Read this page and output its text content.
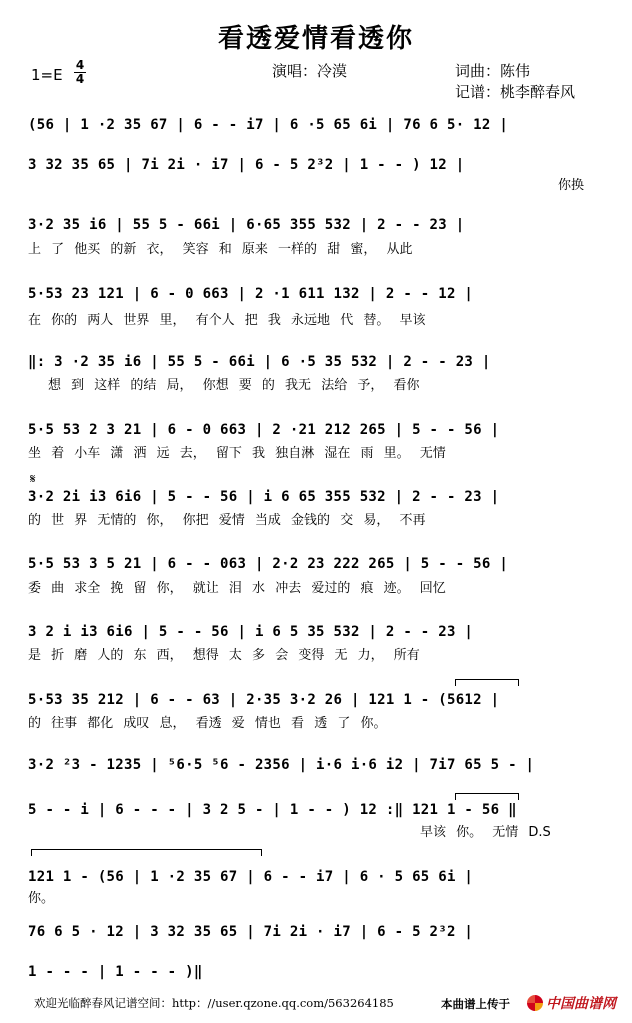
看透爱情看透你
演唱：冷漠	词曲：陈伟
记谱：桃李醉春风
1=E
4
4
(56 | 1 ·2 35 67 | 6 - - i7 | 6 ·5 65 6i | 76 6 5· 12 |
3 32 35 65 | 7i 2i · i7 | 6 - 5 2³2 | 1 - - ) 12 |
你换
3·2 35 i6 | 55 5 - 66i | 6·65 355 532 | 2 - - 23 |
上 了 他买 的新 衣， 笑容 和 原来 一样的 甜 蜜， 从此
5·53 23 121 | 6 - 0 663 | 2 ·1 611 132 | 2 - - 12 |
在 你的 两人 世界 里， 有个人 把 我 永远地 代 替。 早该
‖: 3 ·2 35 i6 | 55 5 - 66i | 6 ·5 35 532 | 2 - - 23 |
想 到 这样 的结 局， 你想 要 的 我无 法给 予， 看你
5·5 53 2 3 21 | 6 - 0 663 | 2 ·21 212 265 | 5 - - 56 |
坐 着 小车 潇 洒 远 去， 留下 我 独自淋 湿在 雨 里。 无情
𝄋
3·2 2i i3 6i6 | 5 - - 56 | i 6 65 355 532 | 2 - - 23 |
的 世 界 无情的 你， 你把 爱情 当成 金钱的 交 易， 不再
5·5 53 3 5 21 | 6 - - 063 | 2·2 23 222 265 | 5 - - 56 |
委 曲 求全 挽 留 你， 就让 泪 水 冲去 爱过的 痕 迹。 回忆
3 2 i i3 6i6 | 5 - - 56 | i 6 5 35 532 | 2 - - 23 |
是 折 磨 人的 东 西， 想得 太 多 会 变得 无 力， 所有
5·53 35 212 | 6 - - 63 | 2·35 3·2 26 | 121 1 - (5612 |
的 往事 都化 成叹 息， 看透 爱 情也 看 透 了 你。
3·2 ²3 - 1235 | ⁵6·5 ⁵6 - 2356 | i·6 i·6 i2 | 7i7 65 5 - |
5 - - i | 6 - - - | 3 2 5 - | 1 - - ) 12 :‖ 121 1 - 56 ‖
早该 你。 无情 D.S
121 1 - (56 | 1 ·2 35 67 | 6 - - i7 | 6 · 5 65 6i |
你。
76 6 5 · 12 | 3 32 35 65 | 7i 2i · i7 | 6 - 5 2³2 |
1 - - - | 1 - - - )‖
欢迎光临醉春风记谱空间：http：//user.qzone.qq.com/563264185	本曲谱上传于	中国曲谱网
